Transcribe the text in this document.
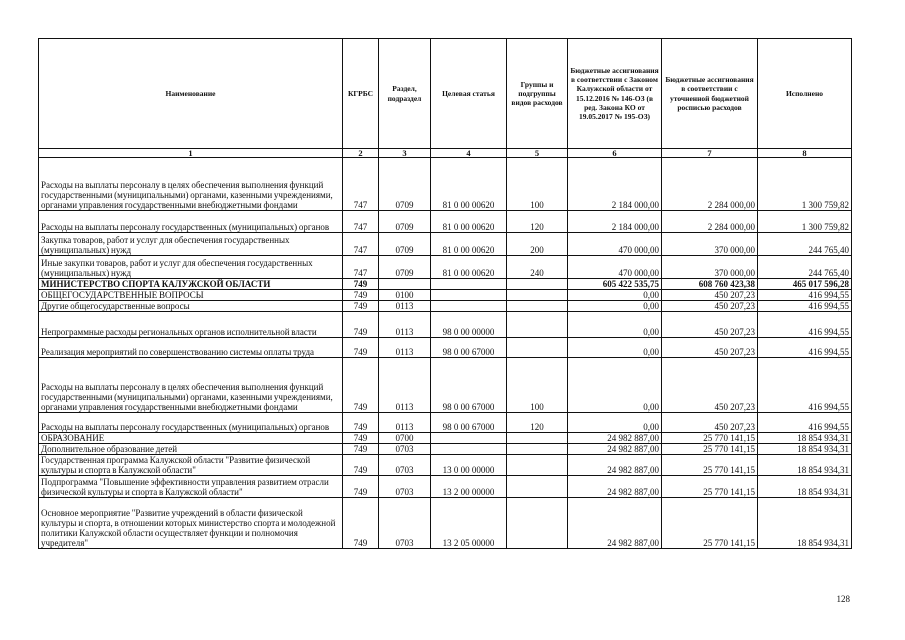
Наименование	КГРБС	Раздел, подраздел	Целевая статья	Группы и подгруппы видов расходов	Бюджетные ассигнования в соответствии с Законом Калужской области от 15.12.2016 № 146-ОЗ (в ред. Закона КО от 19.05.2017 № 195-ОЗ)	Бюджетные ассигнования в соответствии с уточненной бюджетной росписью расходов	Исполнено
1	2	3	4	5	6	7	8
Расходы на выплаты персоналу в целях обеспечения выполнения функций государственными (муниципальными) органами, казенными учреждениями, органами управления государственными внебюджетными фондами	747	0709	81 0 00 00620	100	2 184 000,00	2 284 000,00	1 300 759,82
Расходы на выплаты персоналу государственных (муниципальных) органов	747	0709	81 0 00 00620	120	2 184 000,00	2 284 000,00	1 300 759,82
Закупка товаров, работ и услуг для обеспечения государственных (муниципальных) нужд	747	0709	81 0 00 00620	200	470 000,00	370 000,00	244 765,40
Иные закупки товаров, работ и услуг для обеспечения государственных (муниципальных) нужд	747	0709	81 0 00 00620	240	470 000,00	370 000,00	244 765,40
МИНИСТЕРСТВО СПОРТА КАЛУЖСКОЙ ОБЛАСТИ	749				605 422 535,75	608 760 423,38	465 017 596,28
ОБЩЕГОСУДАРСТВЕННЫЕ ВОПРОСЫ	749	0100			0,00	450 207,23	416 994,55
Другие общегосударственные вопросы	749	0113			0,00	450 207,23	416 994,55
Непрограммные расходы региональных органов исполнительной власти	749	0113	98 0 00 00000		0,00	450 207,23	416 994,55
Реализация мероприятий по совершенствованию системы оплаты труда	749	0113	98 0 00 67000		0,00	450 207,23	416 994,55
Расходы на выплаты персоналу в целях обеспечения выполнения функций государственными (муниципальными) органами, казенными учреждениями, органами управления государственными внебюджетными фондами	749	0113	98 0 00 67000	100	0,00	450 207,23	416 994,55
Расходы на выплаты персоналу государственных (муниципальных) органов	749	0113	98 0 00 67000	120	0,00	450 207,23	416 994,55
ОБРАЗОВАНИЕ	749	0700			24 982 887,00	25 770 141,15	18 854 934,31
Дополнительное образование детей	749	0703			24 982 887,00	25 770 141,15	18 854 934,31
Государственная программа Калужской области "Развитие физической культуры и спорта в Калужской области"	749	0703	13 0 00 00000		24 982 887,00	25 770 141,15	18 854 934,31
Подпрограмма "Повышение эффективности управления развитием отрасли физической культуры и спорта в Калужской области"	749	0703	13 2 00 00000		24 982 887,00	25 770 141,15	18 854 934,31
Основное мероприятие "Развитие учреждений в области физической культуры и спорта, в отношении которых министерство спорта и молодежной политики Калужской области осуществляет функции и полномочия учредителя"	749	0703	13 2 05 00000		24 982 887,00	25 770 141,15	18 854 934,31
128
